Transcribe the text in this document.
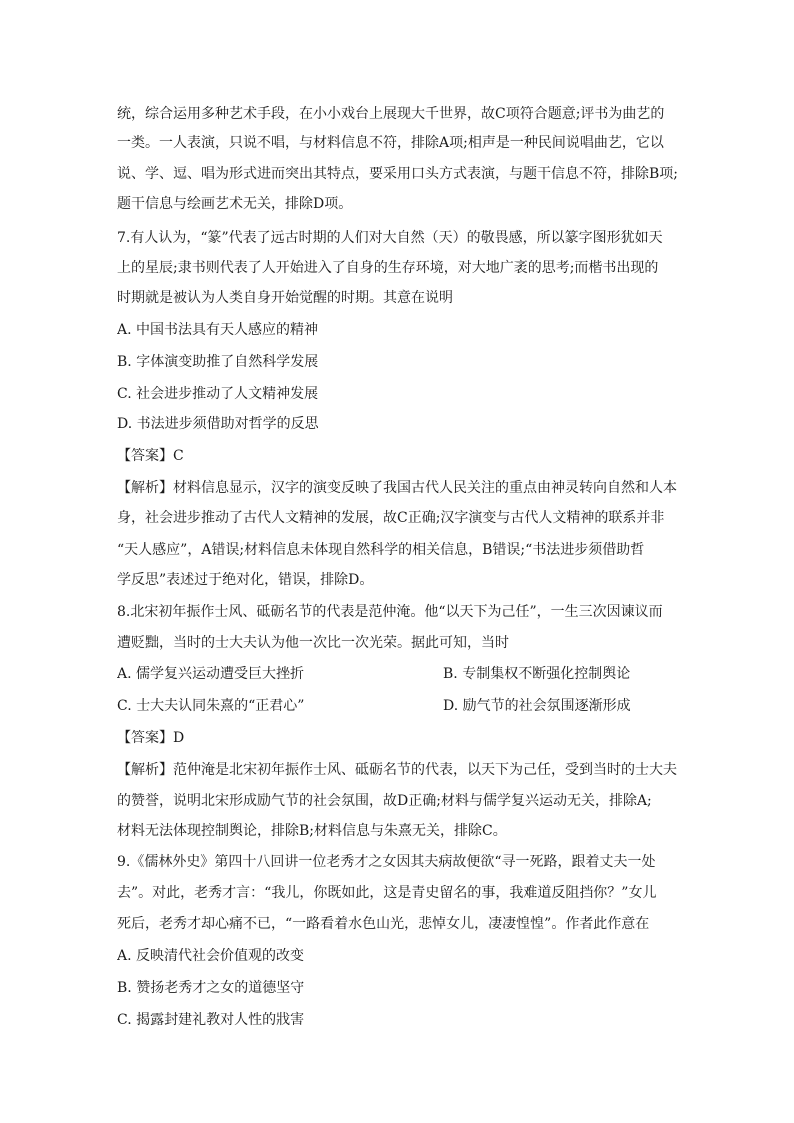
统，综合运用多种艺术手段，在小小戏台上展现大千世界，故C项符合题意;评书为曲艺的
一类。一人表演，只说不唱，与材料信息不符，排除A项;相声是一种民间说唱曲艺，它以
说、学、逗、唱为形式进而突出其特点，要采用口头方式表演，与题干信息不符，排除B项;
题干信息与绘画艺术无关，排除D项。
7.有人认为，“篆”代表了远古时期的人们对大自然（天）的敬畏感，所以篆字图形犹如天
上的星辰;隶书则代表了人开始进入了自身的生存环境，对大地广袤的思考;而楷书出现的
时期就是被认为人类自身开始觉醒的时期。其意在说明
A. 中国书法具有天人感应的精神
B. 字体演变助推了自然科学发展
C. 社会进步推动了人文精神发展
D. 书法进步须借助对哲学的反思
【答案】C
【解析】材料信息显示，汉字的演变反映了我国古代人民关注的重点由神灵转向自然和人本
身，社会进步推动了古代人文精神的发展，故C正确;汉字演变与古代人文精神的联系并非
“天人感应”，A错误;材料信息未体现自然科学的相关信息，B错误;“书法进步须借助哲
学反思”表述过于绝对化，错误，排除D。
8.北宋初年振作士风、砥砺名节的代表是范仲淹。他“以天下为己任”，一生三次因谏议而
遭贬黜，当时的士大夫认为他一次比一次光荣。据此可知，当时
A. 儒学复兴运动遭受巨大挫折	B. 专制集权不断强化控制舆论
C. 士大夫认同朱熹的“正君心”	D. 励气节的社会氛围逐渐形成
【答案】D
【解析】范仲淹是北宋初年振作士风、砥砺名节的代表，以天下为己任，受到当时的士大夫
的赞誉，说明北宋形成励气节的社会氛围，故D正确;材料与儒学复兴运动无关，排除A;
材料无法体现控制舆论，排除B;材料信息与朱熹无关，排除C。
9.《儒林外史》第四十八回讲一位老秀才之女因其夫病故便欲“寻一死路，跟着丈夫一处
去”。对此，老秀才言：“我儿，你既如此，这是青史留名的事，我难道反阻挡你？”女儿
死后，老秀才却心痛不已，“一路看着水色山光，悲悼女儿，凄凄惶惶”。作者此作意在
A. 反映清代社会价值观的改变
B. 赞扬老秀才之女的道德坚守
C. 揭露封建礼教对人性的戕害
